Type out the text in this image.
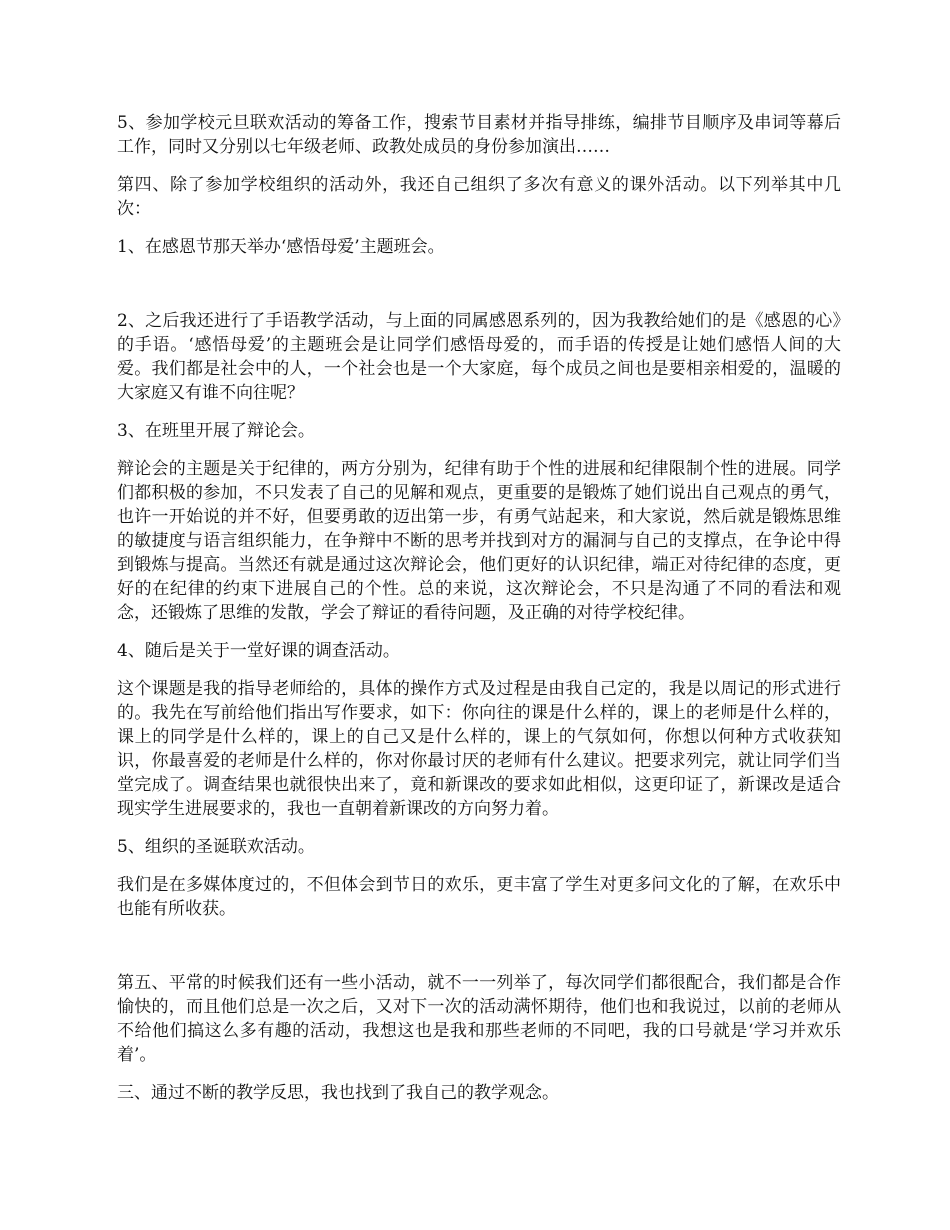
5、参加学校元旦联欢活动的筹备工作，搜索节目素材并指导排练，编排节目顺序及串词等幕后工作，同时又分别以七年级老师、政教处成员的身份参加演出……

第四、除了参加学校组织的活动外，我还自己组织了多次有意义的课外活动。以下列举其中几次：

1、在感恩节那天举办‘感悟母爱’主题班会。

2、之后我还进行了手语教学活动，与上面的同属感恩系列的，因为我教给她们的是《感恩的心》的手语。‘感悟母爱’的主题班会是让同学们感悟母爱的，而手语的传授是让她们感悟人间的大爱。我们都是社会中的人，一个社会也是一个大家庭，每个成员之间也是要相亲相爱的，温暖的大家庭又有谁不向往呢？

3、在班里开展了辩论会。

辩论会的主题是关于纪律的，两方分别为，纪律有助于个性的进展和纪律限制个性的进展。同学们都积极的参加，不只发表了自己的见解和观点，更重要的是锻炼了她们说出自己观点的勇气，也许一开始说的并不好，但要勇敢的迈出第一步，有勇气站起来，和大家说，然后就是锻炼思维的敏捷度与语言组织能力，在争辩中不断的思考并找到对方的漏洞与自己的支撑点，在争论中得到锻炼与提高。当然还有就是通过这次辩论会，他们更好的认识纪律，端正对待纪律的态度，更好的在纪律的约束下进展自己的个性。总的来说，这次辩论会，不只是沟通了不同的看法和观念，还锻炼了思维的发散，学会了辩证的看待问题，及正确的对待学校纪律。

4、随后是关于一堂好课的调查活动。

这个课题是我的指导老师给的，具体的操作方式及过程是由我自己定的，我是以周记的形式进行的。我先在写前给他们指出写作要求，如下：你向往的课是什么样的，课上的老师是什么样的，课上的同学是什么样的，课上的自己又是什么样的，课上的气氛如何，你想以何种方式收获知识，你最喜爱的老师是什么样的，你对你最讨厌的老师有什么建议。把要求列完，就让同学们当堂完成了。调查结果也就很快出来了，竟和新课改的要求如此相似，这更印证了，新课改是适合现实学生进展要求的，我也一直朝着新课改的方向努力着。

5、组织的圣诞联欢活动。

我们是在多媒体度过的，不但体会到节日的欢乐，更丰富了学生对更多问文化的了解，在欢乐中也能有所收获。

第五、平常的时候我们还有一些小活动，就不一一列举了，每次同学们都很配合，我们都是合作愉快的，而且他们总是一次之后，又对下一次的活动满怀期待，他们也和我说过，以前的老师从不给他们搞这么多有趣的活动，我想这也是我和那些老师的不同吧，我的口号就是‘学习并欢乐着’。

三、通过不断的教学反思，我也找到了我自己的教学观念。
